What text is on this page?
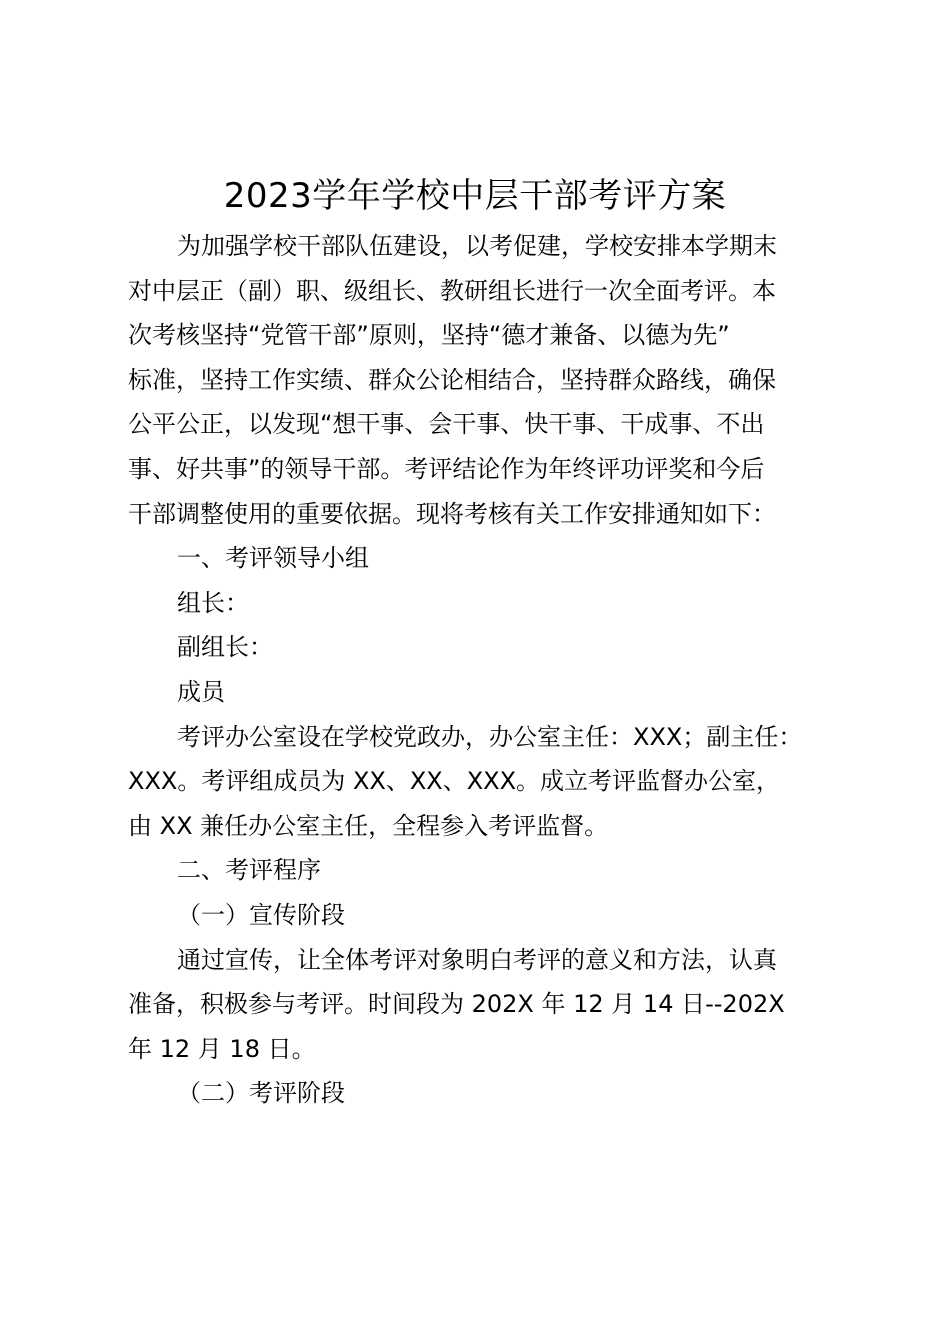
2023学年学校中层干部考评方案

为加强学校干部队伍建设，以考促建，学校安排本学期末
对中层正（副）职、级组长、教研组长进行一次全面考评。本
次考核坚持“党管干部”原则，坚持“德才兼备、以德为先”
标准，坚持工作实绩、群众公论相结合，坚持群众路线，确保
公平公正，以发现“想干事、会干事、快干事、干成事、不出
事、好共事”的领导干部。考评结论作为年终评功评奖和今后
干部调整使用的重要依据。现将考核有关工作安排通知如下：

一、考评领导小组

组长：

副组长：

成员

考评办公室设在学校党政办，办公室主任：XXX；副主任：
XXX。考评组成员为 XX、XX、XXX。成立考评监督办公室，
由 XX 兼任办公室主任，全程参入考评监督。

二、考评程序

（一）宣传阶段

通过宣传，让全体考评对象明白考评的意义和方法，认真
准备，积极参与考评。时间段为 202X 年 12 月 14 日--202X
年 12 月 18 日。

（二）考评阶段
